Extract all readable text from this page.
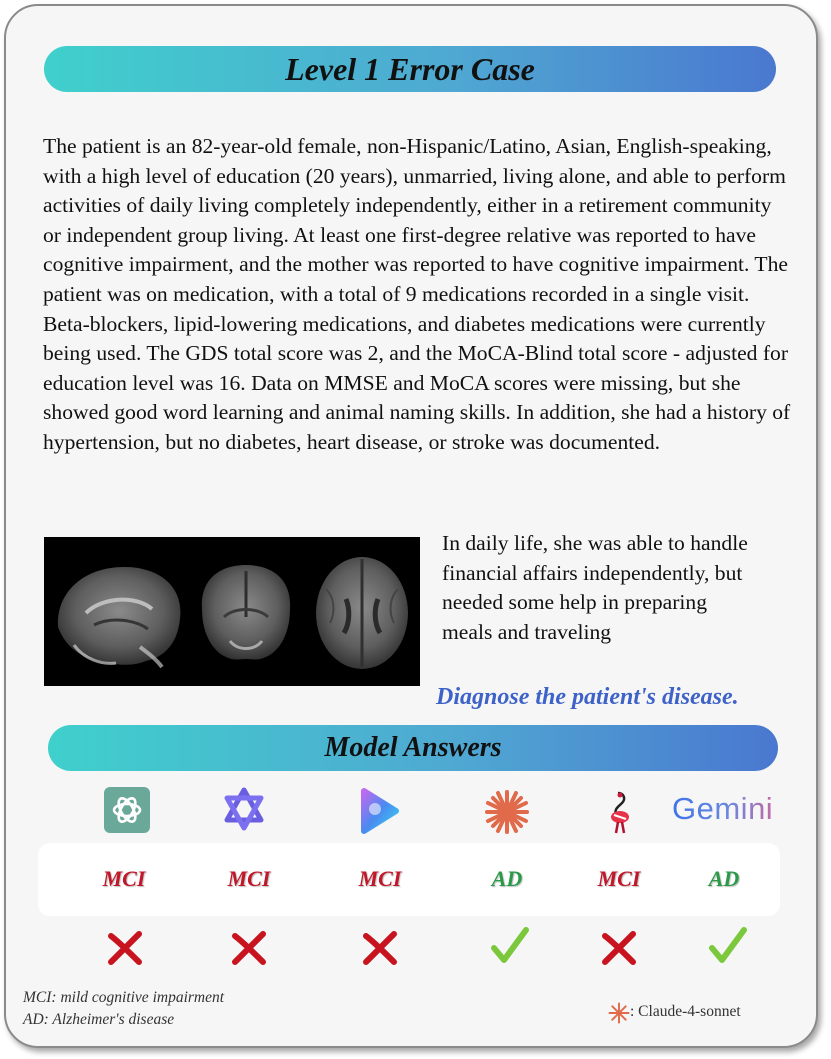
Level 1 Error Case
The patient is an 82-year-old female, non-Hispanic/Latino, Asian, English-speaking, with a high level of education (20 years), unmarried, living alone, and able to perform activities of daily living completely independently, either in a retirement community or independent group living. At least one first-degree relative was reported to have cognitive impairment, and the mother was reported to have cognitive impairment. The patient was on medication, with a total of 9 medications recorded in a single visit. Beta-blockers, lipid-lowering medications, and diabetes medications were currently being used. The GDS total score was 2, and the MoCA-Blind total score - adjusted for education level was 16. Data on MMSE and MoCA scores were missing, but she showed good word learning and animal naming skills. In addition, she had a history of hypertension, but no diabetes, heart disease, or stroke was documented.
In daily life, she was able to handle financial affairs independently, but needed some help in preparing meals and traveling
Diagnose the patient's disease.
Model Answers
Gemini
MCI	MCI	MCI	AD	MCI	AD
MCI: mild cognitive impairment
AD: Alzheimer's disease	: Claude-4-sonnet
